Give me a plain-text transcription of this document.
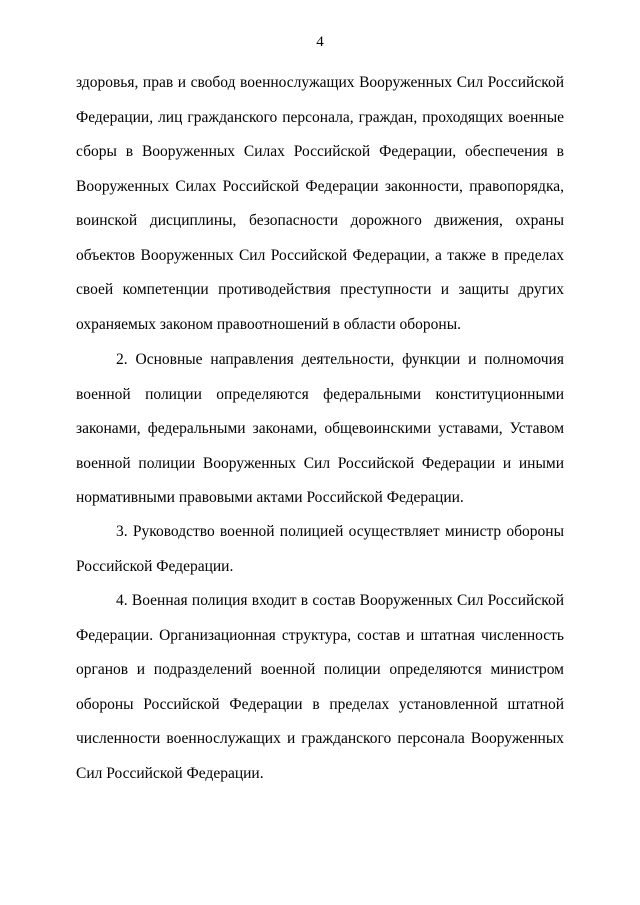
4
здоровья, прав и свобод военнослужащих Вооруженных Сил Российской
Федерации, лиц гражданского персонала, граждан, проходящих военные
сборы в Вооруженных Силах Российской Федерации, обеспечения в
Вооруженных Силах Российской Федерации законности, правопорядка,
воинской дисциплины, безопасности дорожного движения, охраны
объектов Вооруженных Сил Российской Федерации, а также в пределах
своей компетенции противодействия преступности и защиты других
охраняемых законом правоотношений в области обороны.
2. Основные направления деятельности, функции и полномочия
военной полиции определяются федеральными конституционными
законами, федеральными законами, общевоинскими уставами, Уставом
военной полиции Вооруженных Сил Российской Федерации и иными
нормативными правовыми актами Российской Федерации.
3. Руководство военной полицией осуществляет министр обороны
Российской Федерации.
4. Военная полиция входит в состав Вооруженных Сил Российской
Федерации. Организационная структура, состав и штатная численность
органов и подразделений военной полиции определяются министром
обороны Российской Федерации в пределах установленной штатной
численности военнослужащих и гражданского персонала Вооруженных
Сил Российской Федерации.
